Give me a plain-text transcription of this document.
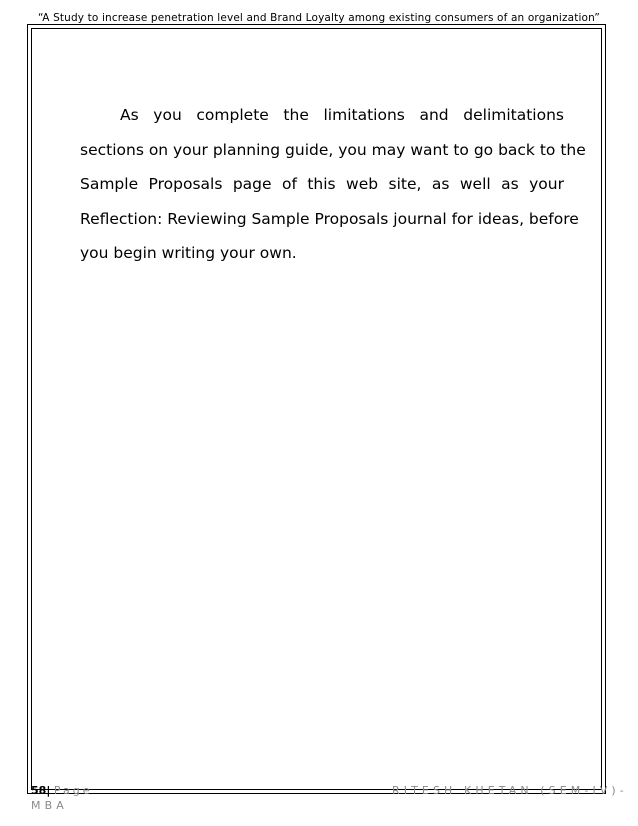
“A Study to increase penetration level and Brand Loyalty among existing consumers of an organization”
As you complete the limitations and delimitations
sections on your planning guide, you may want to go back to the
Sample Proposals page of this web site, as well as your
Reflection: Reviewing Sample Proposals journal for ideas, before
you begin writing your own.
58| Page	RITESH KHETAN (SEM-IV)-
MBA
